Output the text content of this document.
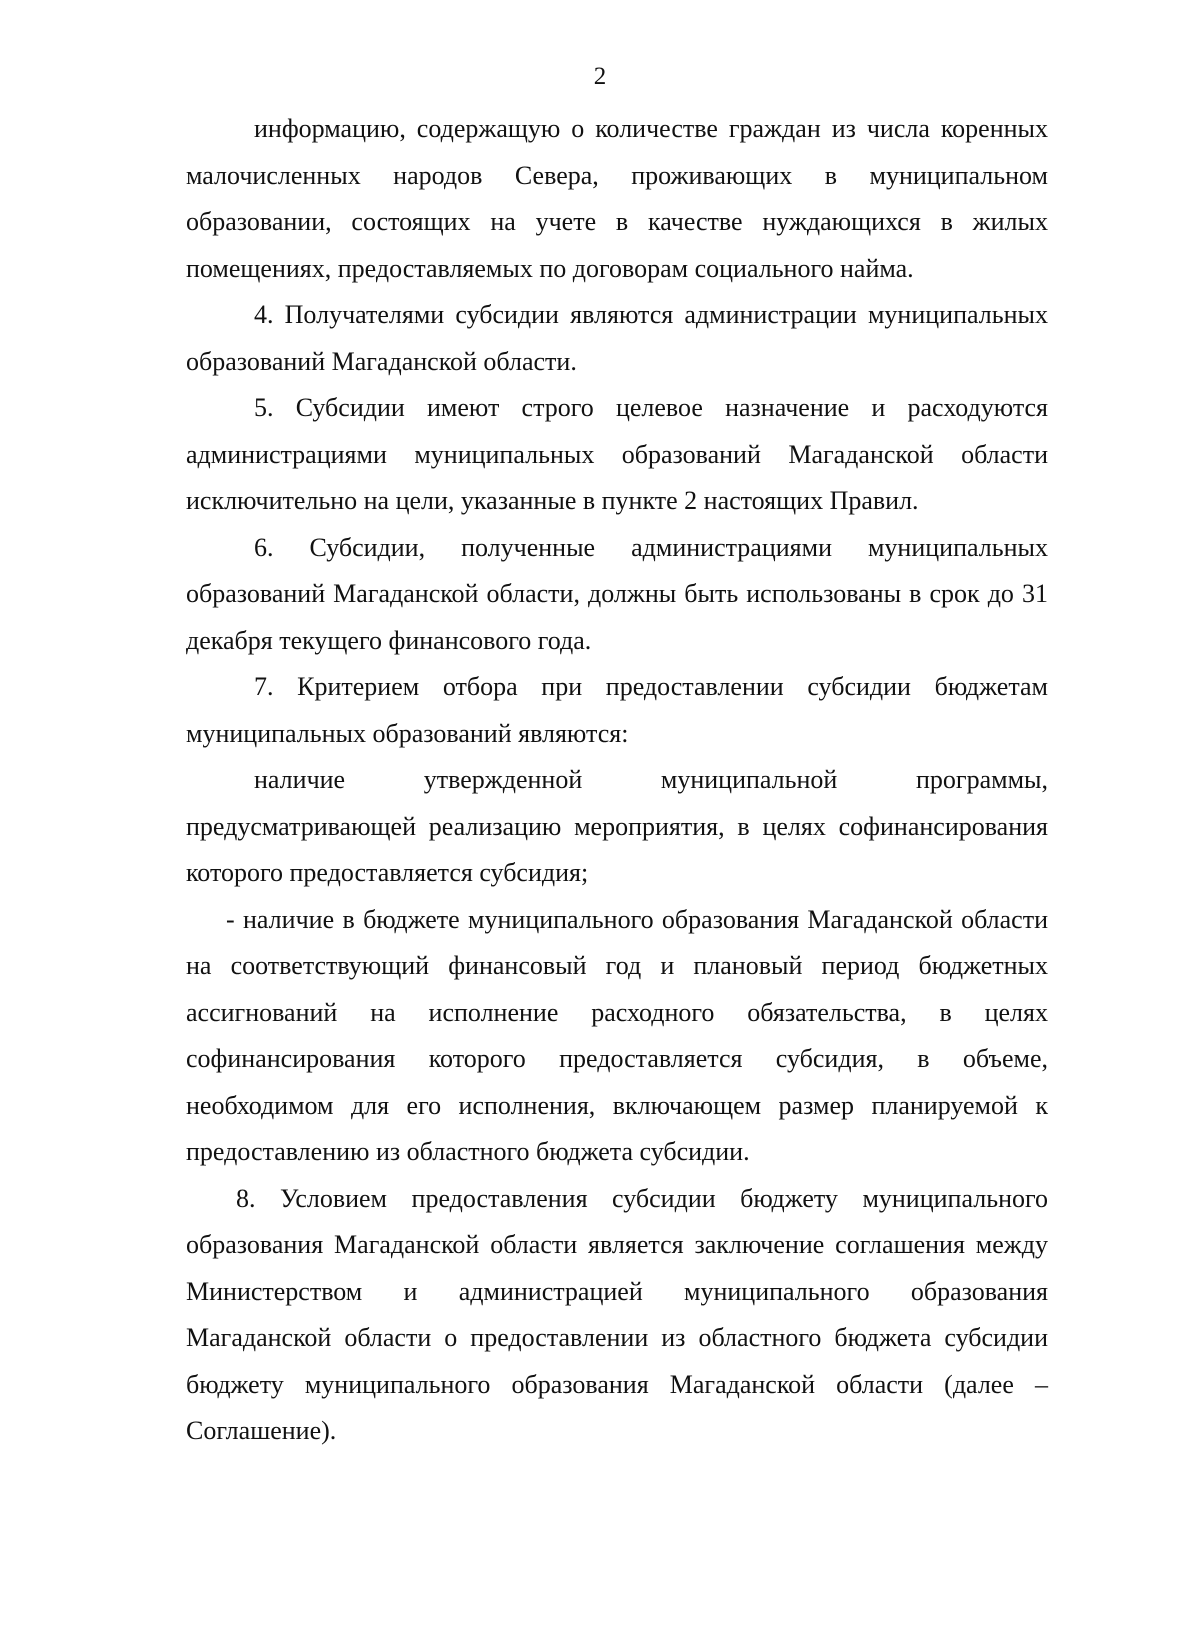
2

информацию, содержащую о количестве граждан из числа коренных малочисленных народов Севера, проживающих в муниципальном образовании, состоящих на учете в качестве нуждающихся в жилых помещениях, предоставляемых по договорам социального найма.

4. Получателями субсидии являются администрации муниципальных образований Магаданской области.

5. Субсидии имеют строго целевое назначение и расходуются администрациями муниципальных образований Магаданской области исключительно на цели, указанные в пункте 2 настоящих Правил.

6. Субсидии, полученные администрациями муниципальных образований Магаданской области, должны быть использованы в срок до 31 декабря текущего финансового года.

7. Критерием отбора при предоставлении субсидии бюджетам муниципальных образований являются:

наличие утвержденной муниципальной программы, предусматривающей реализацию мероприятия, в целях софинансирования которого предоставляется субсидия;

- наличие в бюджете муниципального образования Магаданской области на соответствующий финансовый год и плановый период бюджетных ассигнований на исполнение расходного обязательства, в целях софинансирования которого предоставляется субсидия, в объеме, необходимом для его исполнения, включающем размер планируемой к предоставлению из областного бюджета субсидии.

8. Условием предоставления субсидии бюджету муниципального образования Магаданской области является заключение соглашения между Министерством и администрацией муниципального образования Магаданской области о предоставлении из областного бюджета субсидии бюджету муниципального образования Магаданской области (далее – Соглашение).
